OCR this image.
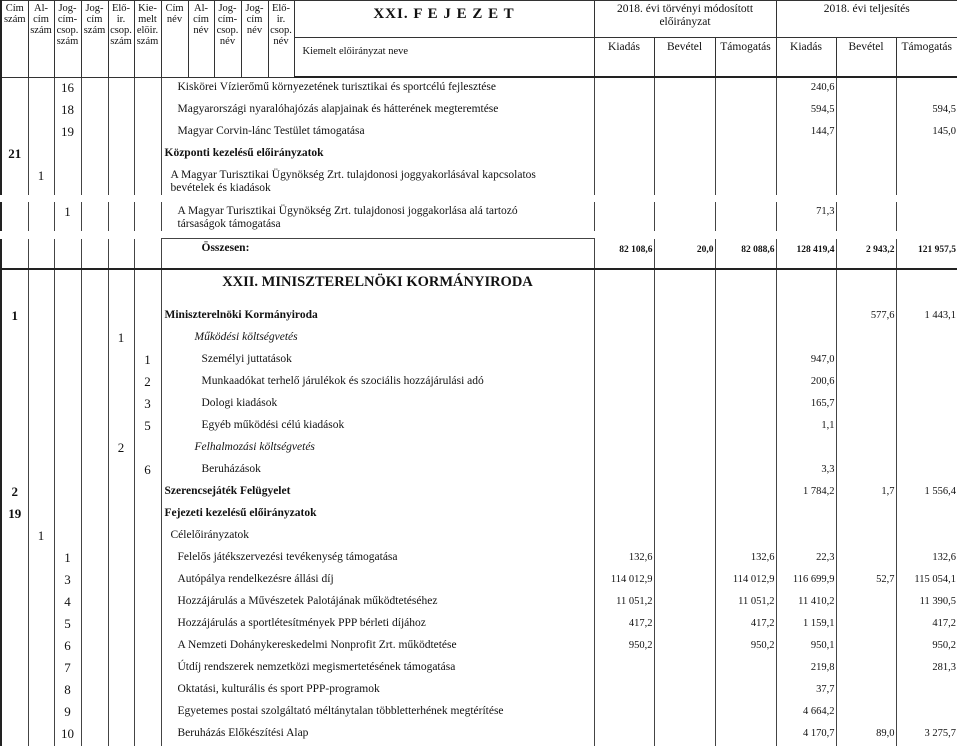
Cím szám	Al-cím szám	Jog-cím-csop. szám	Jog-cím szám	Elő-ir. csop. szám	Kie-melt elöir. szám	Cím név	Al-cím név	Jog-cím-csop. név	Jog-cím név	Elő-ir. csop. név	XXI. F E J E Z E T	2018. évi törvényi módosított előirányzat			2018. évi teljesítés		
											Kiemelt előirányzat neve	Kiadás	Bevétel	Támogatás	Kiadás	Bevétel	Támogatás
		16				Kiskörei Vízierőmű környezetének turisztikai és sportcélú fejlesztése				240,6		
		18				Magyarországi nyaralóhajózás alapjainak és hátterének megteremtése				594,5		594,5
		19				Magyar Corvin-lánc Testület támogatása				144,7		145,0
21						Központi kezelésű előirányzatok						
	1					A Magyar Turisztikai Ügynökség Zrt. tulajdonosi joggyakorlásával kapcsolatos bevételek és kiadások						

		1				A Magyar Turisztikai Ügynökség Zrt. tulajdonosi joggakorlása alá tartozó társaságok támogatása				71,3		

						Összesen:	82 108,6	20,0	82 088,6	128 419,4	2 943,2	121 957,5
						XXII. MINISZTERELNÖKI KORMÁNYIRODA						
1						Miniszterelnöki Kormányiroda					577,6	1 443,1
				1		Működési költségvetés						
					1	Személyi juttatások				947,0		
					2	Munkaadókat terhelő járulékok és szociális hozzájárulási adó				200,6		
					3	Dologi kiadások				165,7		
					5	Egyéb működési célú kiadások				1,1		
				2		Felhalmozási költségvetés						
					6	Beruházások				3,3		
2						Szerencsejáték Felügyelet				1 784,2	1,7	1 556,4
19						Fejezeti kezelésű előirányzatok						
	1					Célelőirányzatok						
		1				Felelős játékszervezési tevékenység támogatása	132,6		132,6	22,3		132,6
		3				Autópálya rendelkezésre állási díj	114 012,9		114 012,9	116 699,9	52,7	115 054,1
		4				Hozzájárulás a Művészetek Palotájának működtetéséhez	11 051,2		11 051,2	11 410,2		11 390,5
		5				Hozzájárulás a sportlétesítmények PPP bérleti díjához	417,2		417,2	1 159,1		417,2
		6				A Nemzeti Dohánykereskedelmi Nonprofit Zrt. működtetése	950,2		950,2	950,1		950,2
		7				Útdíj rendszerek nemzetközi megismertetésének támogatása				219,8		281,3
		8				Oktatási, kulturális és sport PPP-programok				37,7		
		9				Egyetemes postai szolgáltató méltánytalan többletterhének megtérítése				4 664,2		
		10				Beruházás Előkészítési Alap				4 170,7	89,0	3 275,7
